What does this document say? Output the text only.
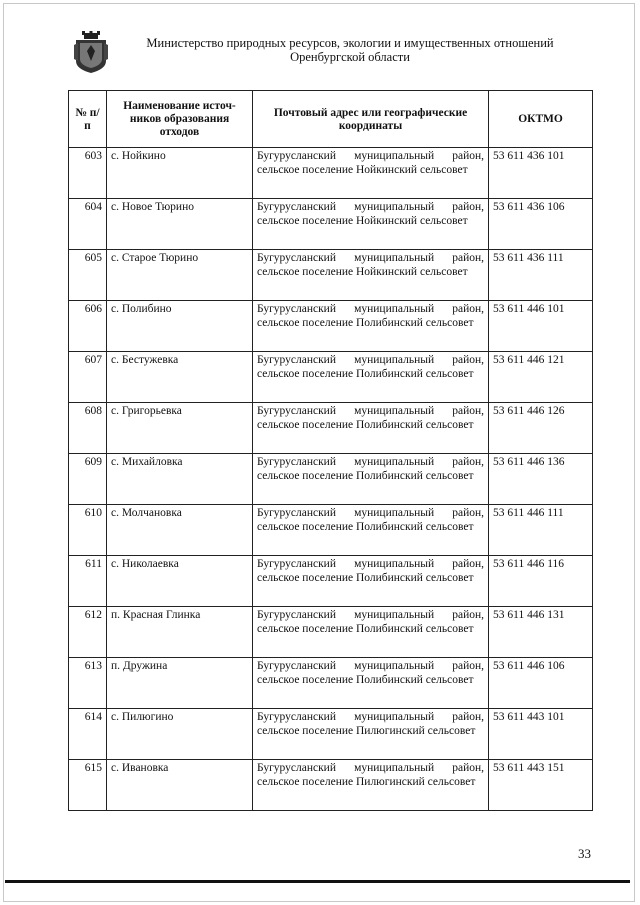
Министерство природных ресурсов, экологии и имущественных отношений
Оренбургской области
№ п/п	Наименование источ-ников образования отходов	Почтовый адрес или географические координаты	ОКТМО
603	с. Нойкино	Бугурусланский муниципальный район, сельское поселение Нойкинский сельсовет	53 611 436 101
604	с. Новое Тюрино	Бугурусланский муниципальный район, сельское поселение Нойкинский сельсовет	53 611 436 106
605	с. Старое Тюрино	Бугурусланский муниципальный район, сельское поселение Нойкинский сельсовет	53 611 436 111
606	с. Полибино	Бугурусланский муниципальный район, сельское поселение Полибинский сельсовет	53 611 446 101
607	с. Бестужевка	Бугурусланский муниципальный район, сельское поселение Полибинский сельсовет	53 611 446 121
608	с. Григорьевка	Бугурусланский муниципальный район, сельское поселение Полибинский сельсовет	53 611 446 126
609	с. Михайловка	Бугурусланский муниципальный район, сельское поселение Полибинский сельсовет	53 611 446 136
610	с. Молчановка	Бугурусланский муниципальный район, сельское поселение Полибинский сельсовет	53 611 446 111
611	с. Николаевка	Бугурусланский муниципальный район, сельское поселение Полибинский сельсовет	53 611 446 116
612	п. Красная Глинка	Бугурусланский муниципальный район, сельское поселение Полибинский сельсовет	53 611 446 131
613	п. Дружина	Бугурусланский муниципальный район, сельское поселение Полибинский сельсовет	53 611 446 106
614	с. Пилюгино	Бугурусланский муниципальный район, сельское поселение Пилюгинский сельсовет	53 611 443 101
615	с. Ивановка	Бугурусланский муниципальный район, сельское поселение Пилюгинский сельсовет	53 611 443 151
33
